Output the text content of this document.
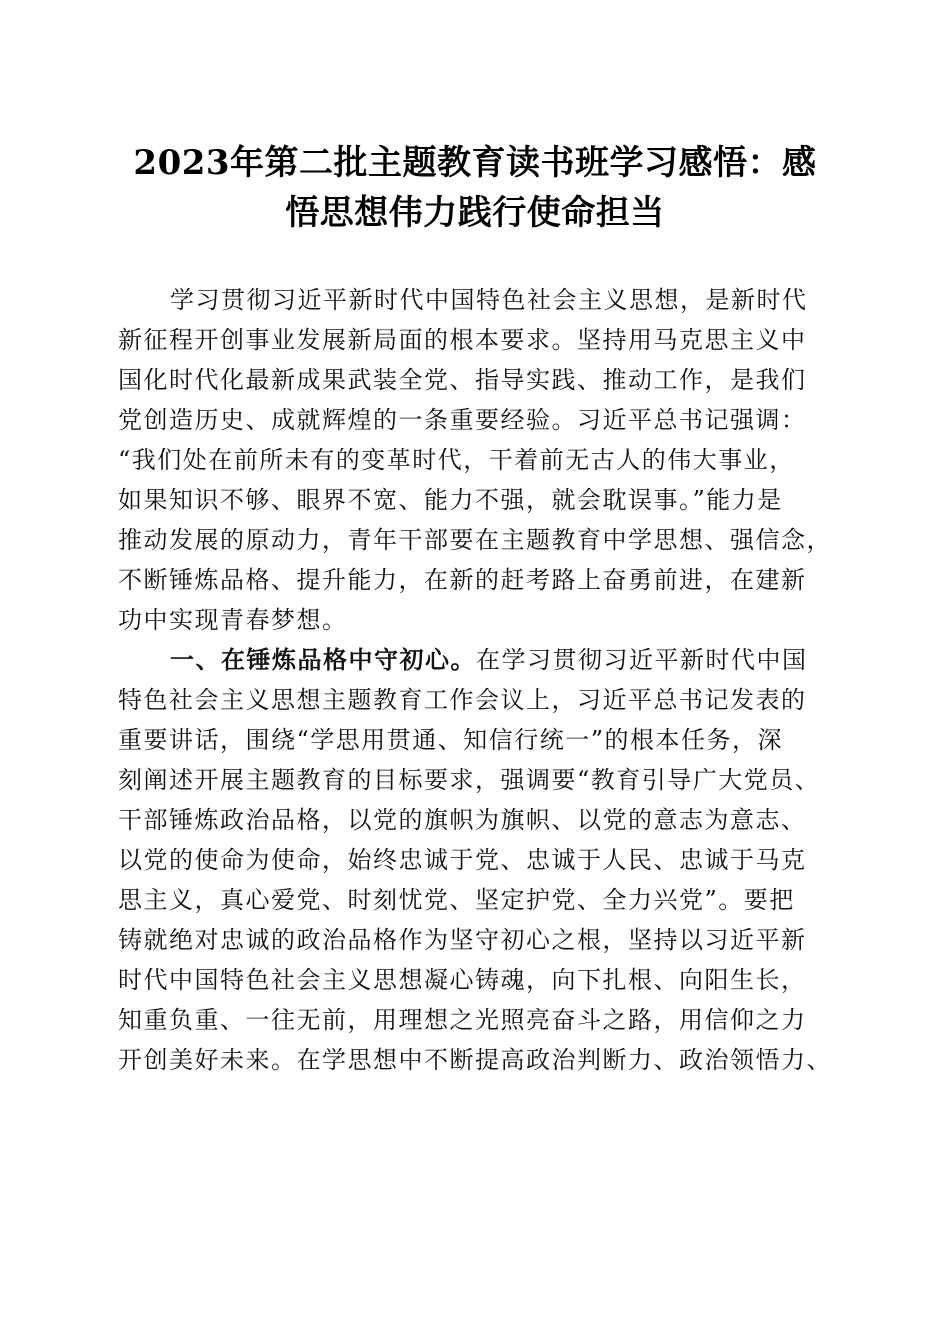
2023年第二批主题教育读书班学习感悟：感
悟思想伟力践行使命担当
学习贯彻习近平新时代中国特色社会主义思想，是新时代
新征程开创事业发展新局面的根本要求。坚持用马克思主义中
国化时代化最新成果武装全党、指导实践、推动工作，是我们
党创造历史、成就辉煌的一条重要经验。习近平总书记强调：
“我们处在前所未有的变革时代，干着前无古人的伟大事业，
如果知识不够、眼界不宽、能力不强，就会耽误事。”能力是
推动发展的原动力，青年干部要在主题教育中学思想、强信念，
不断锤炼品格、提升能力，在新的赶考路上奋勇前进，在建新
功中实现青春梦想。
一、在锤炼品格中守初心。在学习贯彻习近平新时代中国
特色社会主义思想主题教育工作会议上，习近平总书记发表的
重要讲话，围绕“学思用贯通、知信行统一”的根本任务，深
刻阐述开展主题教育的目标要求，强调要“教育引导广大党员、
干部锤炼政治品格，以党的旗帜为旗帜、以党的意志为意志、
以党的使命为使命，始终忠诚于党、忠诚于人民、忠诚于马克
思主义，真心爱党、时刻忧党、坚定护党、全力兴党”。要把
铸就绝对忠诚的政治品格作为坚守初心之根，坚持以习近平新
时代中国特色社会主义思想凝心铸魂，向下扎根、向阳生长，
知重负重、一往无前，用理想之光照亮奋斗之路，用信仰之力
开创美好未来。在学思想中不断提高政治判断力、政治领悟力、
